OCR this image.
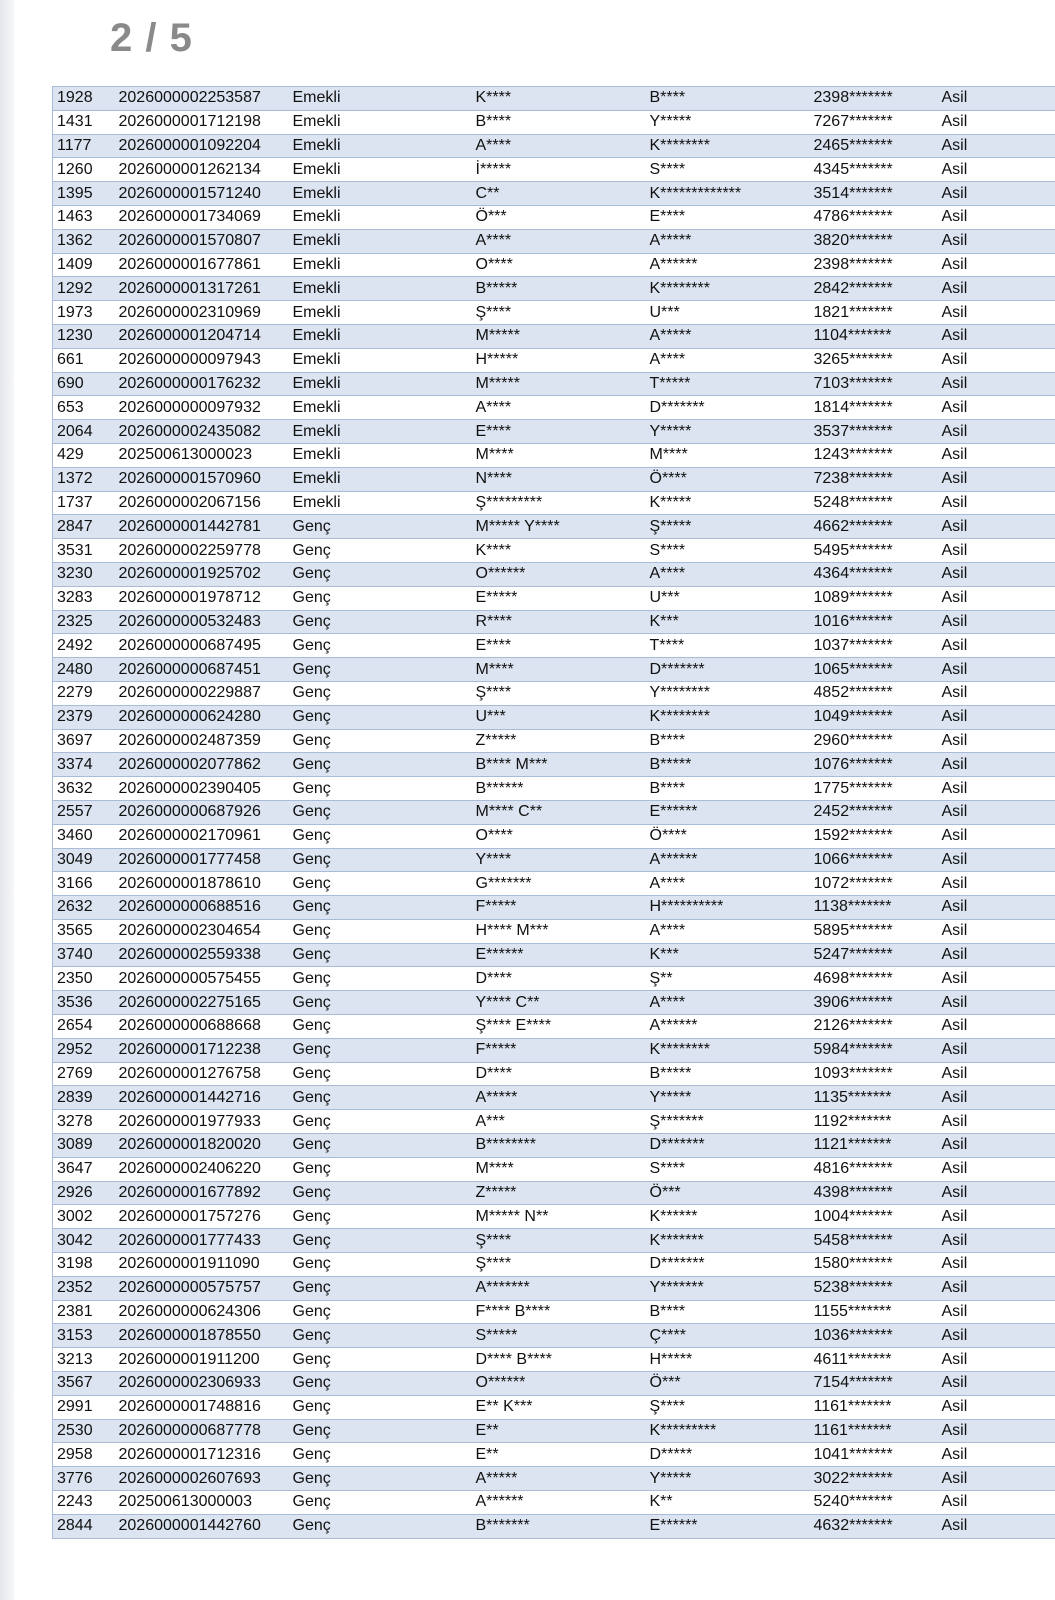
2 / 5
1928	2026000002253587	Emekli	K****	B****	2398*******	Asil
1431	2026000001712198	Emekli	B****	Y*****	7267*******	Asil
1177	2026000001092204	Emekli	A****	K********	2465*******	Asil
1260	2026000001262134	Emekli	İ*****	S****	4345*******	Asil
1395	2026000001571240	Emekli	C**	K*************	3514*******	Asil
1463	2026000001734069	Emekli	Ö***	E****	4786*******	Asil
1362	2026000001570807	Emekli	A****	A*****	3820*******	Asil
1409	2026000001677861	Emekli	O****	A******	2398*******	Asil
1292	2026000001317261	Emekli	B*****	K********	2842*******	Asil
1973	2026000002310969	Emekli	Ş****	U***	1821*******	Asil
1230	2026000001204714	Emekli	M*****	A*****	1104*******	Asil
661	2026000000097943	Emekli	H*****	A****	3265*******	Asil
690	2026000000176232	Emekli	M*****	T*****	7103*******	Asil
653	2026000000097932	Emekli	A****	D*******	1814*******	Asil
2064	2026000002435082	Emekli	E****	Y*****	3537*******	Asil
429	202500613000023	Emekli	M****	M****	1243*******	Asil
1372	2026000001570960	Emekli	N****	Ö****	7238*******	Asil
1737	2026000002067156	Emekli	Ş*********	K*****	5248*******	Asil
2847	2026000001442781	Genç	M***** Y****	Ş*****	4662*******	Asil
3531	2026000002259778	Genç	K****	S****	5495*******	Asil
3230	2026000001925702	Genç	O******	A****	4364*******	Asil
3283	2026000001978712	Genç	E*****	U***	1089*******	Asil
2325	2026000000532483	Genç	R****	K***	1016*******	Asil
2492	2026000000687495	Genç	E****	T****	1037*******	Asil
2480	2026000000687451	Genç	M****	D*******	1065*******	Asil
2279	2026000000229887	Genç	Ş****	Y********	4852*******	Asil
2379	2026000000624280	Genç	U***	K********	1049*******	Asil
3697	2026000002487359	Genç	Z*****	B****	2960*******	Asil
3374	2026000002077862	Genç	B**** M***	B*****	1076*******	Asil
3632	2026000002390405	Genç	B******	B****	1775*******	Asil
2557	2026000000687926	Genç	M**** C**	E******	2452*******	Asil
3460	2026000002170961	Genç	O****	Ö****	1592*******	Asil
3049	2026000001777458	Genç	Y****	A******	1066*******	Asil
3166	2026000001878610	Genç	G*******	A****	1072*******	Asil
2632	2026000000688516	Genç	F*****	H**********	1138*******	Asil
3565	2026000002304654	Genç	H**** M***	A****	5895*******	Asil
3740	2026000002559338	Genç	E******	K***	5247*******	Asil
2350	2026000000575455	Genç	D****	Ş**	4698*******	Asil
3536	2026000002275165	Genç	Y**** C**	A****	3906*******	Asil
2654	2026000000688668	Genç	Ş**** E****	A******	2126*******	Asil
2952	2026000001712238	Genç	F*****	K********	5984*******	Asil
2769	2026000001276758	Genç	D****	B*****	1093*******	Asil
2839	2026000001442716	Genç	A*****	Y*****	1135*******	Asil
3278	2026000001977933	Genç	A***	Ş*******	1192*******	Asil
3089	2026000001820020	Genç	B********	D*******	1121*******	Asil
3647	2026000002406220	Genç	M****	S****	4816*******	Asil
2926	2026000001677892	Genç	Z*****	Ö***	4398*******	Asil
3002	2026000001757276	Genç	M***** N**	K******	1004*******	Asil
3042	2026000001777433	Genç	Ş****	K*******	5458*******	Asil
3198	2026000001911090	Genç	Ş****	D*******	1580*******	Asil
2352	2026000000575757	Genç	A*******	Y*******	5238*******	Asil
2381	2026000000624306	Genç	F**** B****	B****	1155*******	Asil
3153	2026000001878550	Genç	S*****	Ç****	1036*******	Asil
3213	2026000001911200	Genç	D**** B****	H*****	4611*******	Asil
3567	2026000002306933	Genç	O******	Ö***	7154*******	Asil
2991	2026000001748816	Genç	E** K***	Ş****	1161*******	Asil
2530	2026000000687778	Genç	E**	K*********	1161*******	Asil
2958	2026000001712316	Genç	E**	D*****	1041*******	Asil
3776	2026000002607693	Genç	A*****	Y*****	3022*******	Asil
2243	202500613000003	Genç	A******	K**	5240*******	Asil
2844	2026000001442760	Genç	B*******	E******	4632*******	Asil
